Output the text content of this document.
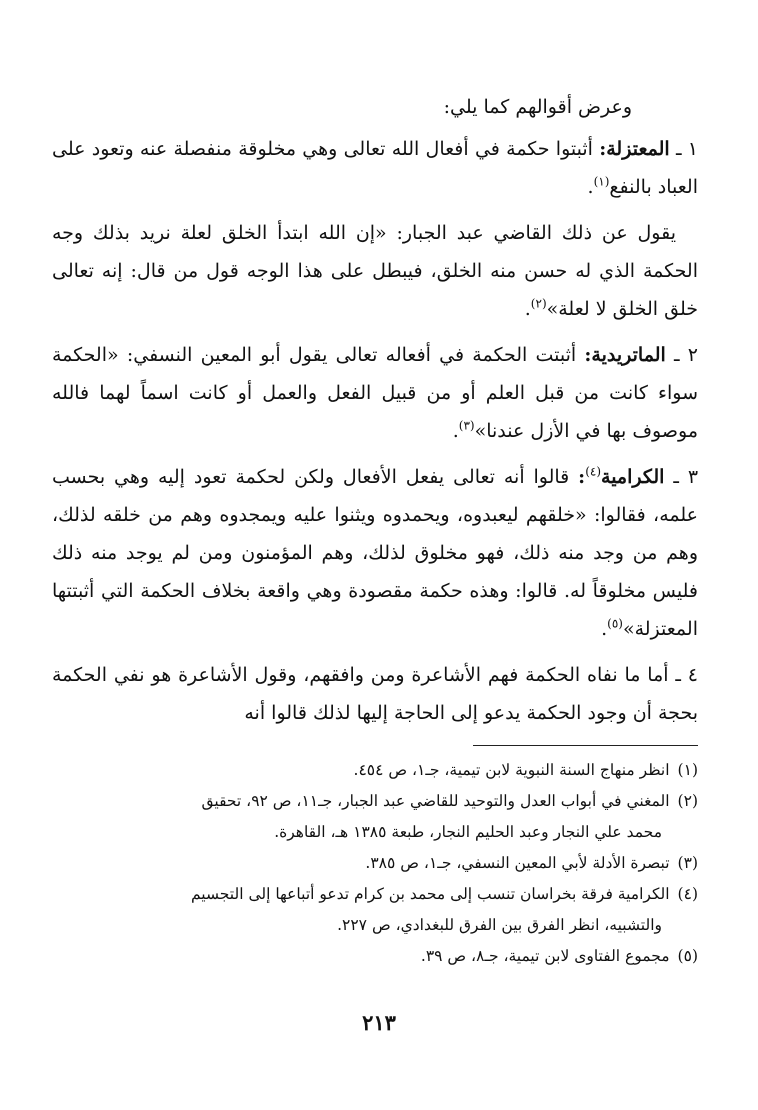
وعرض أقوالهم كما يلي:

١ ـ المعتزلة: أثبتوا حكمة في أفعال الله تعالى وهي مخلوقة منفصلة عنه وتعود على العباد بالنفع$^{(١)}$.

يقول عن ذلك القاضي عبد الجبار: «إن الله ابتدأ الخلق لعلة نريد بذلك وجه الحكمة الذي له حسن منه الخلق، فيبطل على هذا الوجه قول من قال: إنه تعالى خلق الخلق لا لعلة»$^{(٢)}$.

٢ ـ الماتريدية: أثبتت الحكمة في أفعاله تعالى يقول أبو المعين النسفي: «الحكمة سواء كانت من قبل العلم أو من قبيل الفعل والعمل أو كانت اسماً لهما فالله موصوف بها في الأزل عندنا»$^{(٣)}$.

٣ ـ الكرامية$^{(٤)}$: قالوا أنه تعالى يفعل الأفعال ولكن لحكمة تعود إليه وهي بحسب علمه، فقالوا: «خلقهم ليعبدوه، ويحمدوه ويثنوا عليه ويمجدوه وهم من خلقه لذلك، وهم من وجد منه ذلك، فهو مخلوق لذلك، وهم المؤمنون ومن لم يوجد منه ذلك فليس مخلوقاً له. قالوا: وهذه حكمة مقصودة وهي واقعة بخلاف الحكمة التي أثبتتها المعتزلة»$^{(٥)}$.

٤ ـ أما ما نفاه الحكمة فهم الأشاعرة ومن وافقهم، وقول الأشاعرة هو نفي الحكمة بحجة أن وجود الحكمة يدعو إلى الحاجة إليها لذلك قالوا أنه

(١)انظر منهاج السنة النبوية لابن تيمية، جـ١، ص ٤٥٤.

(٢)المغني في أبواب العدل والتوحيد للقاضي عبد الجبار، جـ١١، ص ٩٢، تحقيق
محمد علي النجار وعبد الحليم النجار، طبعة ١٣٨٥ هـ، القاهرة.

(٣)تبصرة الأدلة لأبي المعين النسفي، جـ١، ص ٣٨٥.

(٤)الكرامية فرقة بخراسان تنسب إلى محمد بن كرام تدعو أتباعها إلى التجسيم
والتشبيه، انظر الفرق بين الفرق للبغدادي، ص ٢٢٧.

(٥)مجموع الفتاوى لابن تيمية، جـ٨، ص ٣٩.

٢١٣
